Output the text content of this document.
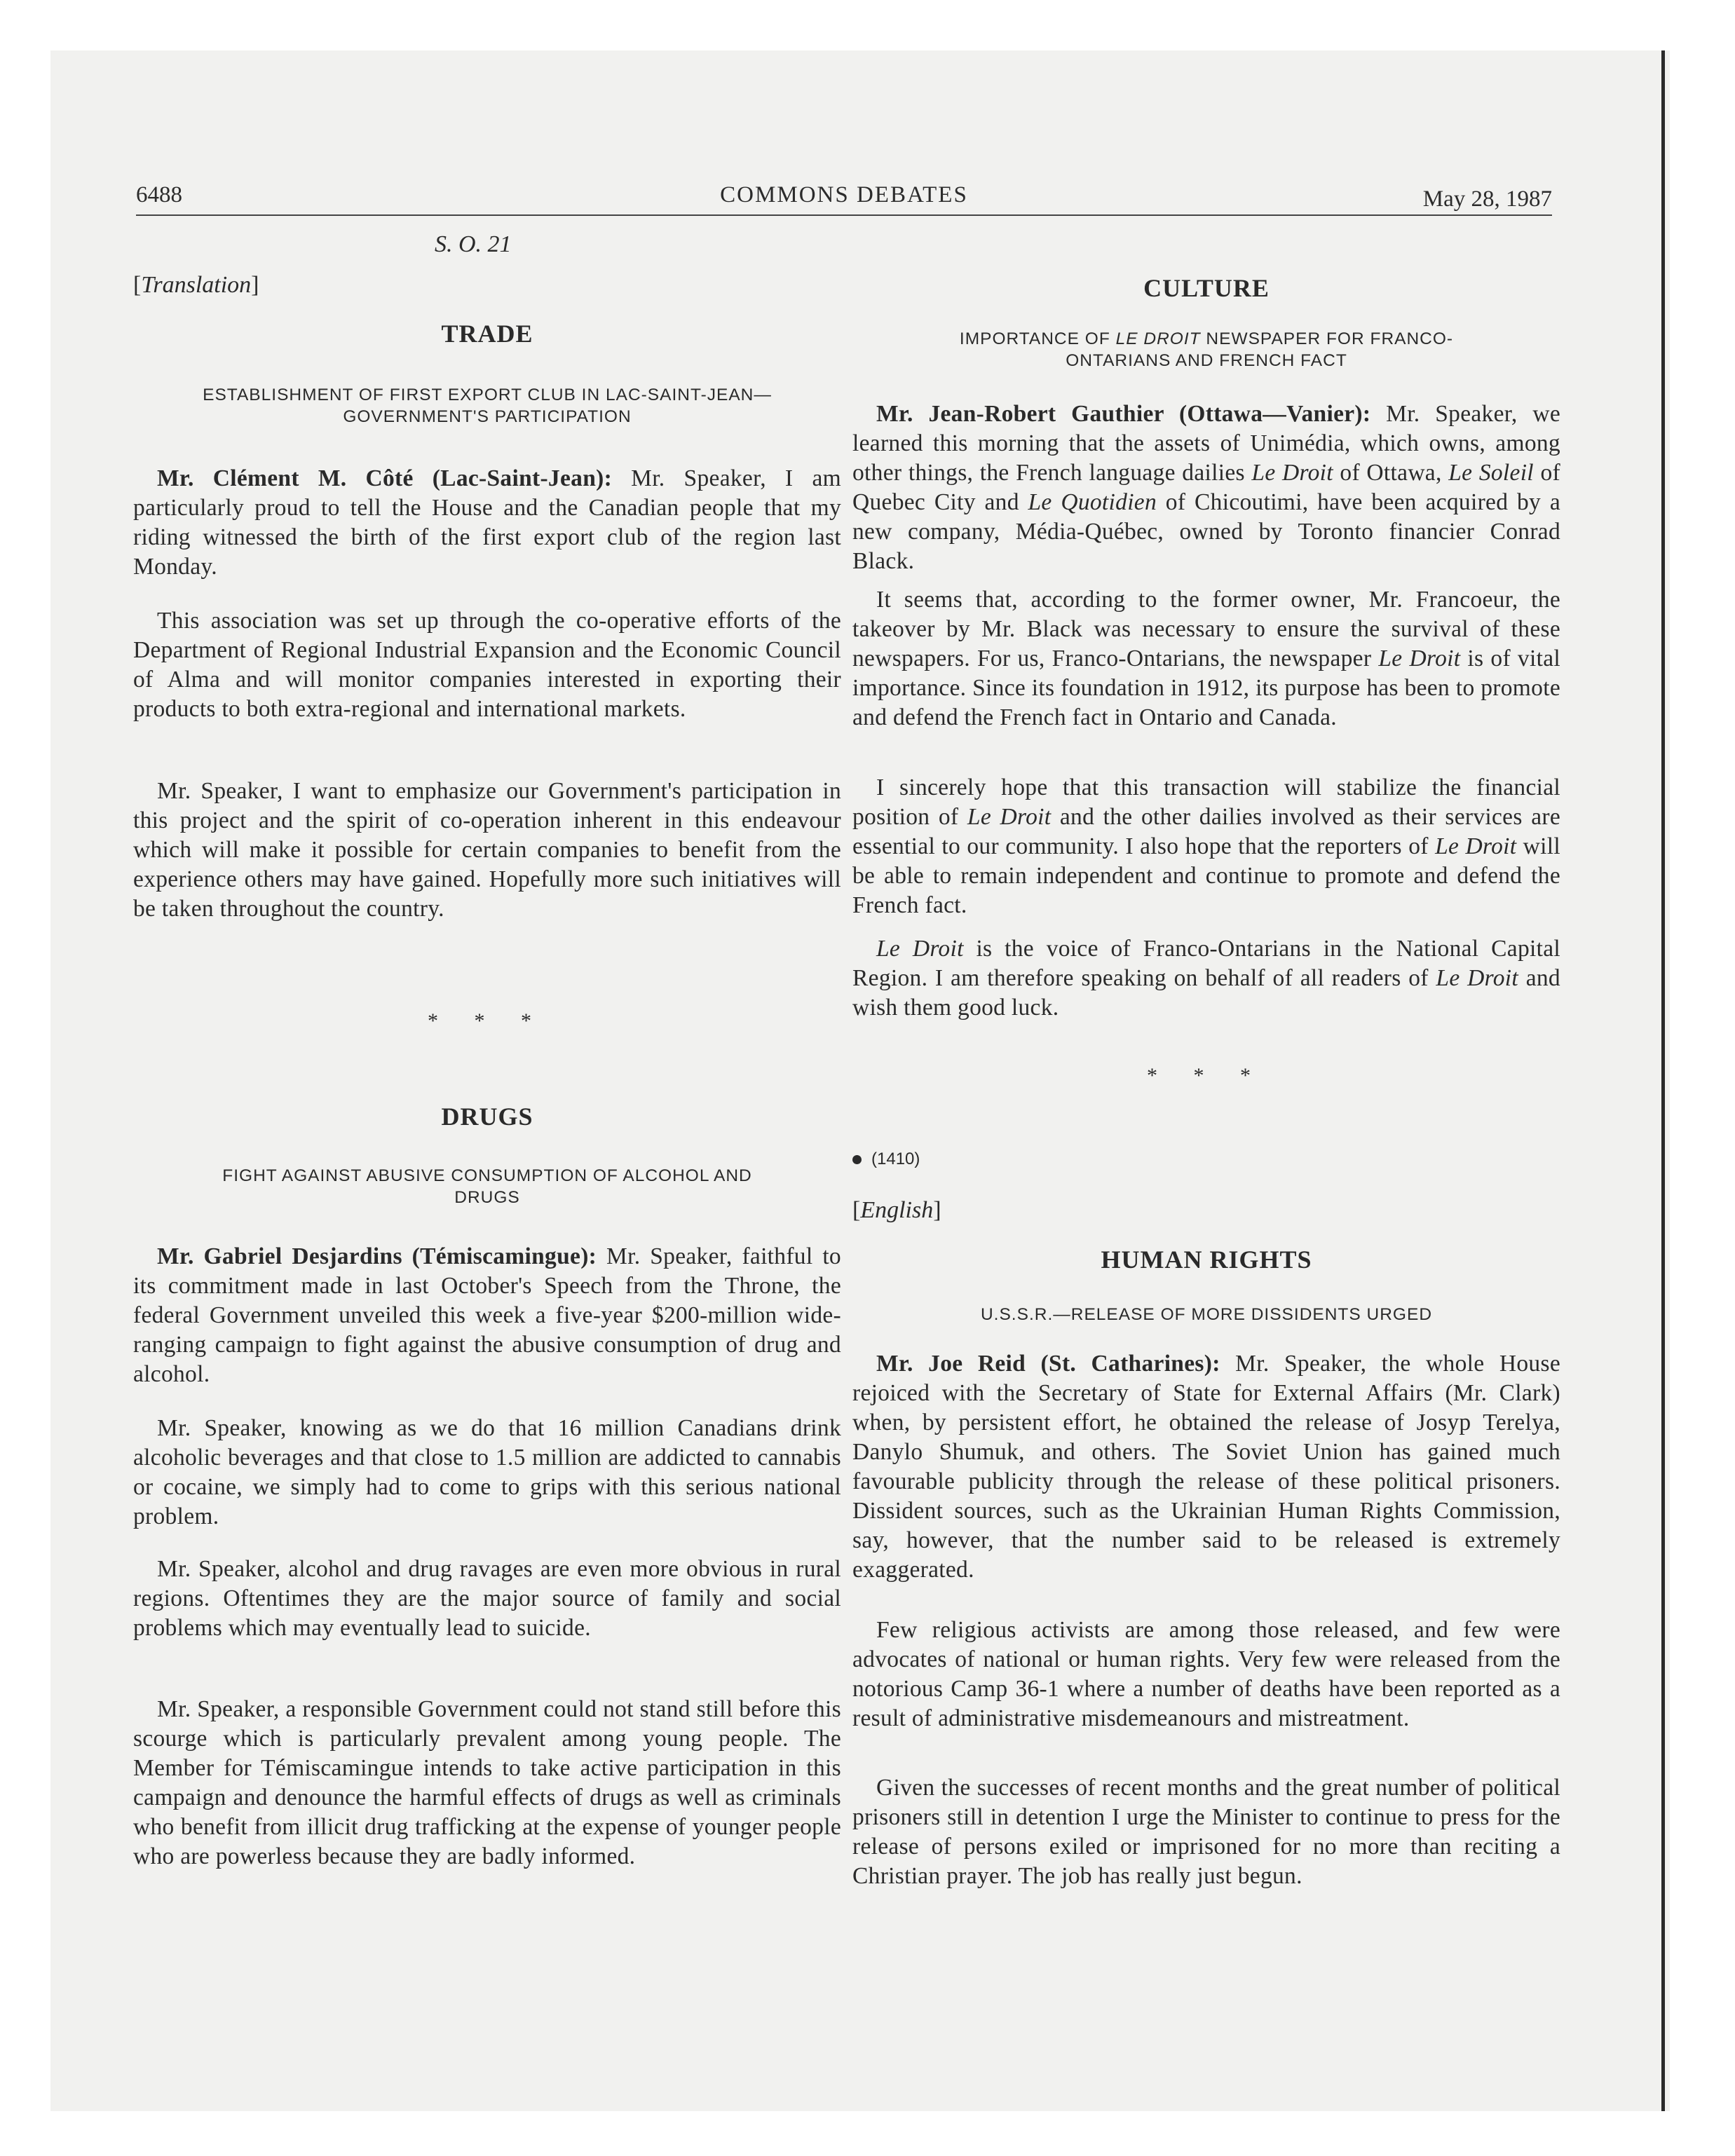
6488	COMMONS DEBATES	May 28, 1987
S. O. 21
[Translation]

TRADE

ESTABLISHMENT OF FIRST EXPORT CLUB IN LAC-SAINT-JEAN—
GOVERNMENT'S PARTICIPATION

Mr. Clément M. Côté (Lac-Saint-Jean): Mr. Speaker, I am particularly proud to tell the House and the Canadian people that my riding witnessed the birth of the first export club of the region last Monday.

This association was set up through the co-operative efforts of the Department of Regional Industrial Expansion and the Economic Council of Alma and will monitor companies interested in exporting their products to both extra-regional and international markets.

Mr. Speaker, I want to emphasize our Government's participation in this project and the spirit of co-operation inherent in this endeavour which will make it possible for certain companies to benefit from the experience others may have gained. Hopefully more such initiatives will be taken throughout the country.

* * *

DRUGS

FIGHT AGAINST ABUSIVE CONSUMPTION OF ALCOHOL AND
DRUGS

Mr. Gabriel Desjardins (Témiscamingue): Mr. Speaker, faithful to its commitment made in last October's Speech from the Throne, the federal Government unveiled this week a five-year $200-million wide-ranging campaign to fight against the abusive consumption of drug and alcohol.

Mr. Speaker, knowing as we do that 16 million Canadians drink alcoholic beverages and that close to 1.5 million are addicted to cannabis or cocaine, we simply had to come to grips with this serious national problem.

Mr. Speaker, alcohol and drug ravages are even more obvious in rural regions. Oftentimes they are the major source of family and social problems which may eventually lead to suicide.

Mr. Speaker, a responsible Government could not stand still before this scourge which is particularly prevalent among young people. The Member for Témiscamingue intends to take active participation in this campaign and denounce the harmful effects of drugs as well as criminals who benefit from illicit drug trafficking at the expense of younger people who are powerless because they are badly informed.

CULTURE

IMPORTANCE OF LE DROIT NEWSPAPER FOR FRANCO-
ONTARIANS AND FRENCH FACT

Mr. Jean-Robert Gauthier (Ottawa—Vanier): Mr. Speaker, we learned this morning that the assets of Unimédia, which owns, among other things, the French language dailies Le Droit of Ottawa, Le Soleil of Quebec City and Le Quotidien of Chicoutimi, have been acquired by a new company, Média-Québec, owned by Toronto financier Conrad Black.

It seems that, according to the former owner, Mr. Francoeur, the takeover by Mr. Black was necessary to ensure the survival of these newspapers. For us, Franco-Ontarians, the newspaper Le Droit is of vital importance. Since its foundation in 1912, its purpose has been to promote and defend the French fact in Ontario and Canada.

I sincerely hope that this transaction will stabilize the financial position of Le Droit and the other dailies involved as their services are essential to our community. I also hope that the reporters of Le Droit will be able to remain independent and continue to promote and defend the French fact.

Le Droit is the voice of Franco-Ontarians in the National Capital Region. I am therefore speaking on behalf of all readers of Le Droit and wish them good luck.

* * *
(1410)
[English]

HUMAN RIGHTS

U.S.S.R.—RELEASE OF MORE DISSIDENTS URGED

Mr. Joe Reid (St. Catharines): Mr. Speaker, the whole House rejoiced with the Secretary of State for External Affairs (Mr. Clark) when, by persistent effort, he obtained the release of Josyp Terelya, Danylo Shumuk, and others. The Soviet Union has gained much favourable publicity through the release of these political prisoners. Dissident sources, such as the Ukrainian Human Rights Commission, say, however, that the number said to be released is extremely exaggerated.

Few religious activists are among those released, and few were advocates of national or human rights. Very few were released from the notorious Camp 36-1 where a number of deaths have been reported as a result of administrative misdemeanours and mistreatment.

Given the successes of recent months and the great number of political prisoners still in detention I urge the Minister to continue to press for the release of persons exiled or imprisoned for no more than reciting a Christian prayer. The job has really just begun.
